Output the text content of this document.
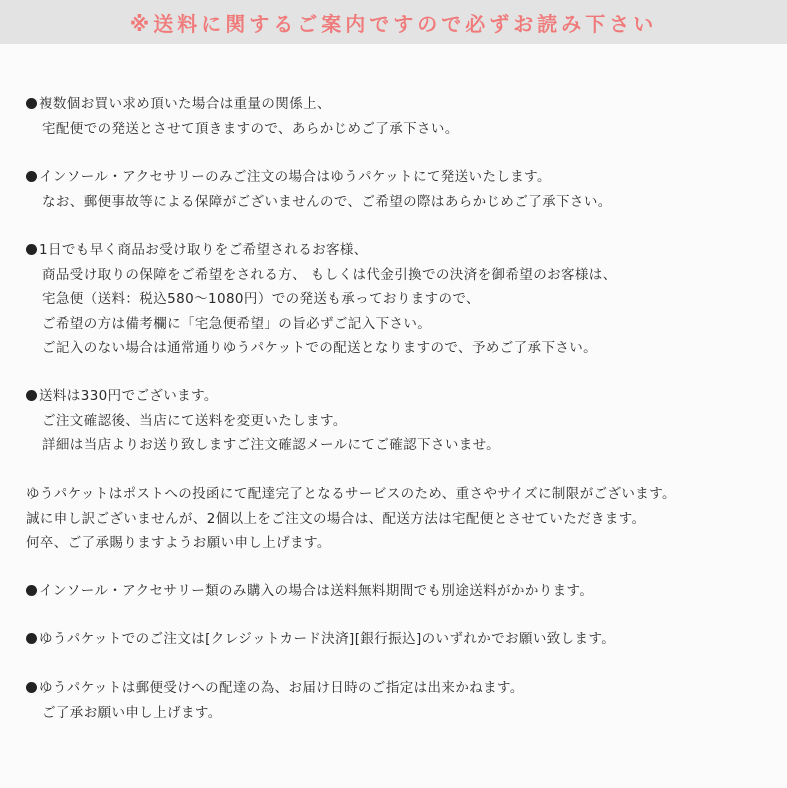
※送料に関するご案内ですので必ずお読み下さい
複数個お買い求め頂いた場合は重量の関係上、
宅配便での発送とさせて頂きますので、あらかじめご了承下さい。
インソール・アクセサリーのみご注文の場合はゆうパケットにて発送いたします。
なお、郵便事故等による保障がございませんので、ご希望の際はあらかじめご了承下さい。
1日でも早く商品お受け取りをご希望されるお客様、
商品受け取りの保障をご希望をされる方、 もしくは代金引換での決済を御希望のお客様は、
宅急便（送料：税込580〜1080円）での発送も承っておりますので、
ご希望の方は備考欄に「宅急便希望」の旨必ずご記入下さい。
ご記入のない場合は通常通りゆうパケットでの配送となりますので、予めご了承下さい。
送料は330円でございます。
ご注文確認後、当店にて送料を変更いたします。
詳細は当店よりお送り致しますご注文確認メールにてご確認下さいませ。
ゆうパケットはポストへの投函にて配達完了となるサービスのため、重さやサイズに制限がございます。
誠に申し訳ございませんが、2個以上をご注文の場合は、配送方法は宅配便とさせていただきます。
何卒、ご了承賜りますようお願い申し上げます。
インソール・アクセサリー類のみ購入の場合は送料無料期間でも別途送料がかかります。
ゆうパケットでのご注文は[クレジットカード決済][銀行振込]のいずれかでお願い致します。
ゆうパケットは郵便受けへの配達の為、お届け日時のご指定は出来かねます。
ご了承お願い申し上げます。
